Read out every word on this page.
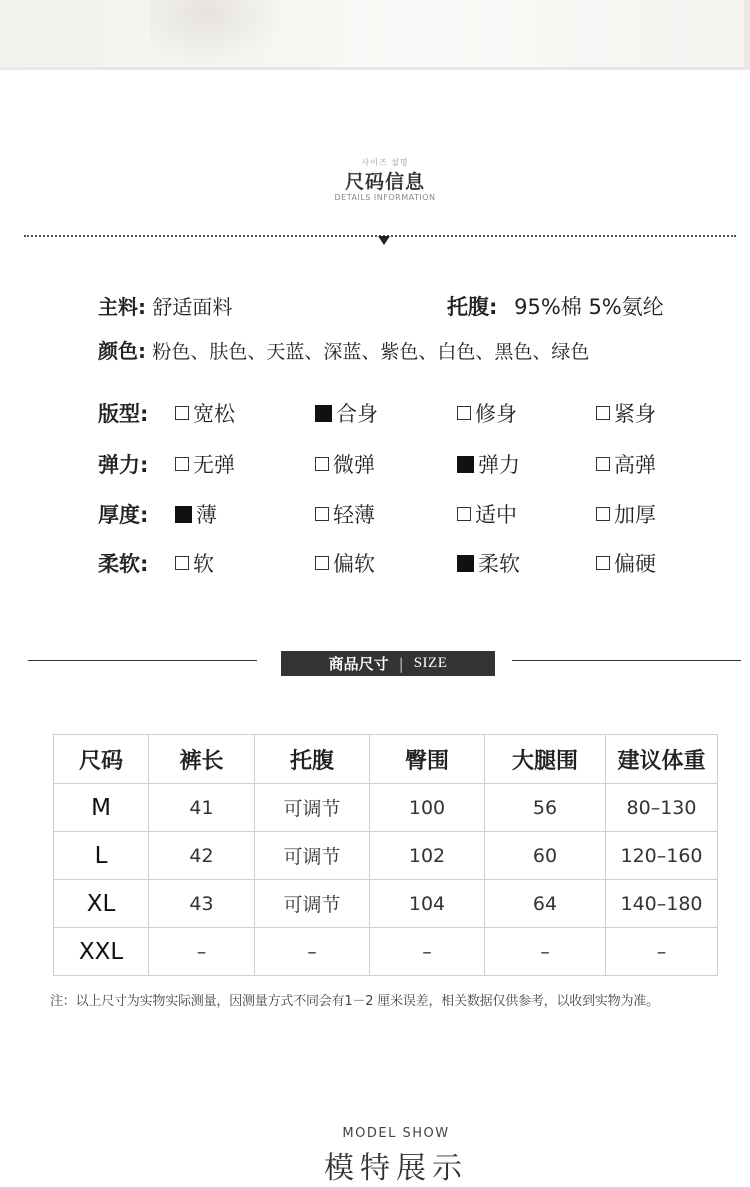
사이즈 설명
尺码信息
DETAILS INFORMATION
主料: 舒适面料	托腹: 95%棉 5%氨纶
颜色: 粉色、肤色、天蓝、深蓝、紫色、白色、黑色、绿色
版型: 宽松	合身	修身	紧身
弹力: 无弹	微弹	弹力	高弹
厚度: 薄	轻薄	适中	加厚
柔软: 软	偏软	柔软	偏硬
商品尺寸 | SIZE
尺码	裤长	托腹	臀围	大腿围	建议体重
M	41	可调节	100	56	80–130
L	42	可调节	102	60	120–160
XL	43	可调节	104	64	140–180
XXL	–	–	–	–	–
注：以上尺寸为实物实际测量，因测量方式不同会有1－2 厘米误差，相关数据仅供参考，以收到实物为准。
MODEL SHOW
模特展示
